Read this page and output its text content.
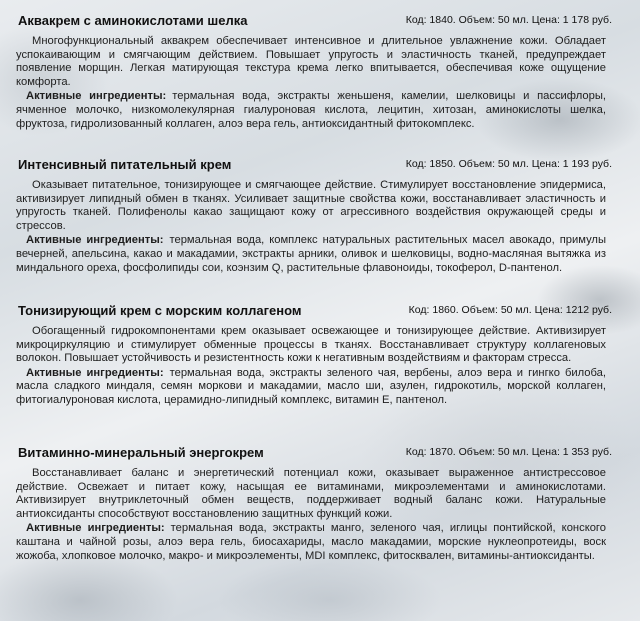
Аквакрем с аминокислотами шелка	Код: 1840. Объем: 50 мл. Цена: 1 178 руб.

Многофункциональный аквакрем обеспечивает интенсивное и длительное увлажнение кожи. Обладает успокаивающим и смягчающим действием. Повышает упругость и эластичность тканей, предупреждает появление морщин. Легкая матирующая текстура крема легко впитывается, обеспечивая коже ощущение комфорта.

Активные ингредиенты: термальная вода, экстракты женьшеня, камелии, шелковицы и пассифлоры, ячменное молочко, низкомолекулярная гиалуроновая кислота, лецитин, хитозан, аминокислоты шелка, фруктоза, гидролизованный коллаген, алоэ вера гель, антиоксидантный фитокомплекс.

Интенсивный питательный крем	Код: 1850. Объем: 50 мл. Цена: 1 193 руб.

Оказывает питательное, тонизирующее и смягчающее действие. Стимулирует восстановление эпидермиса, активизирует липидный обмен в тканях. Усиливает защитные свойства кожи, восстанавливает эластичность и упругость тканей. Полифенолы какао защищают кожу от агрессивного воздействия окружающей среды и стрессов.

Активные ингредиенты: термальная вода, комплекс натуральных растительных масел авокадо, примулы вечерней, апельсина, какао и макадамии, экстракты арники, оливок и шелковицы, водно-масляная вытяжка из миндального ореха, фосфолипиды сои, коэнзим Q, растительные флавоноиды, токоферол, D-пантенол.

Тонизирующий крем с морским коллагеном	Код: 1860. Объем: 50 мл. Цена: 1212 руб.

Обогащенный гидрокомпонентами крем оказывает освежающее и тонизирующее действие. Активизирует микроциркуляцию и стимулирует обменные процессы в тканях. Восстанавливает структуру коллагеновых волокон. Повышает устойчивость и резистентность кожи к негативным воздействиям и факторам стресса.

Активные ингредиенты: термальная вода, экстракты зеленого чая, вербены, алоэ вера и гингко билоба, масла сладкого миндаля, семян моркови и макадамии, масло ши, азулен, гидрокотиль, морской коллаген, фитогиалуроновая кислота, церамидно-липидный комплекс, витамин Е, пантенол.

Витаминно-минеральный энергокрем	Код: 1870. Объем: 50 мл. Цена: 1 353 руб.

Восстанавливает баланс и энергетический потенциал кожи, оказывает выраженное антистрессовое действие. Освежает и питает кожу, насыщая ее витаминами, микроэлементами и аминокислотами. Активизирует внутриклеточный обмен веществ, поддерживает водный баланс кожи. Натуральные антиоксиданты способствуют восстановлению защитных функций кожи.

Активные ингредиенты: термальная вода, экстракты манго, зеленого чая, иглицы понтийской, конского каштана и чайной розы, алоэ вера гель, биосахариды, масло макадамии, морские нуклеопротеиды, воск жожоба, хлопковое молочко, макро- и микроэлементы, MDI комплекс, фитосквален, витамины-антиоксиданты.
